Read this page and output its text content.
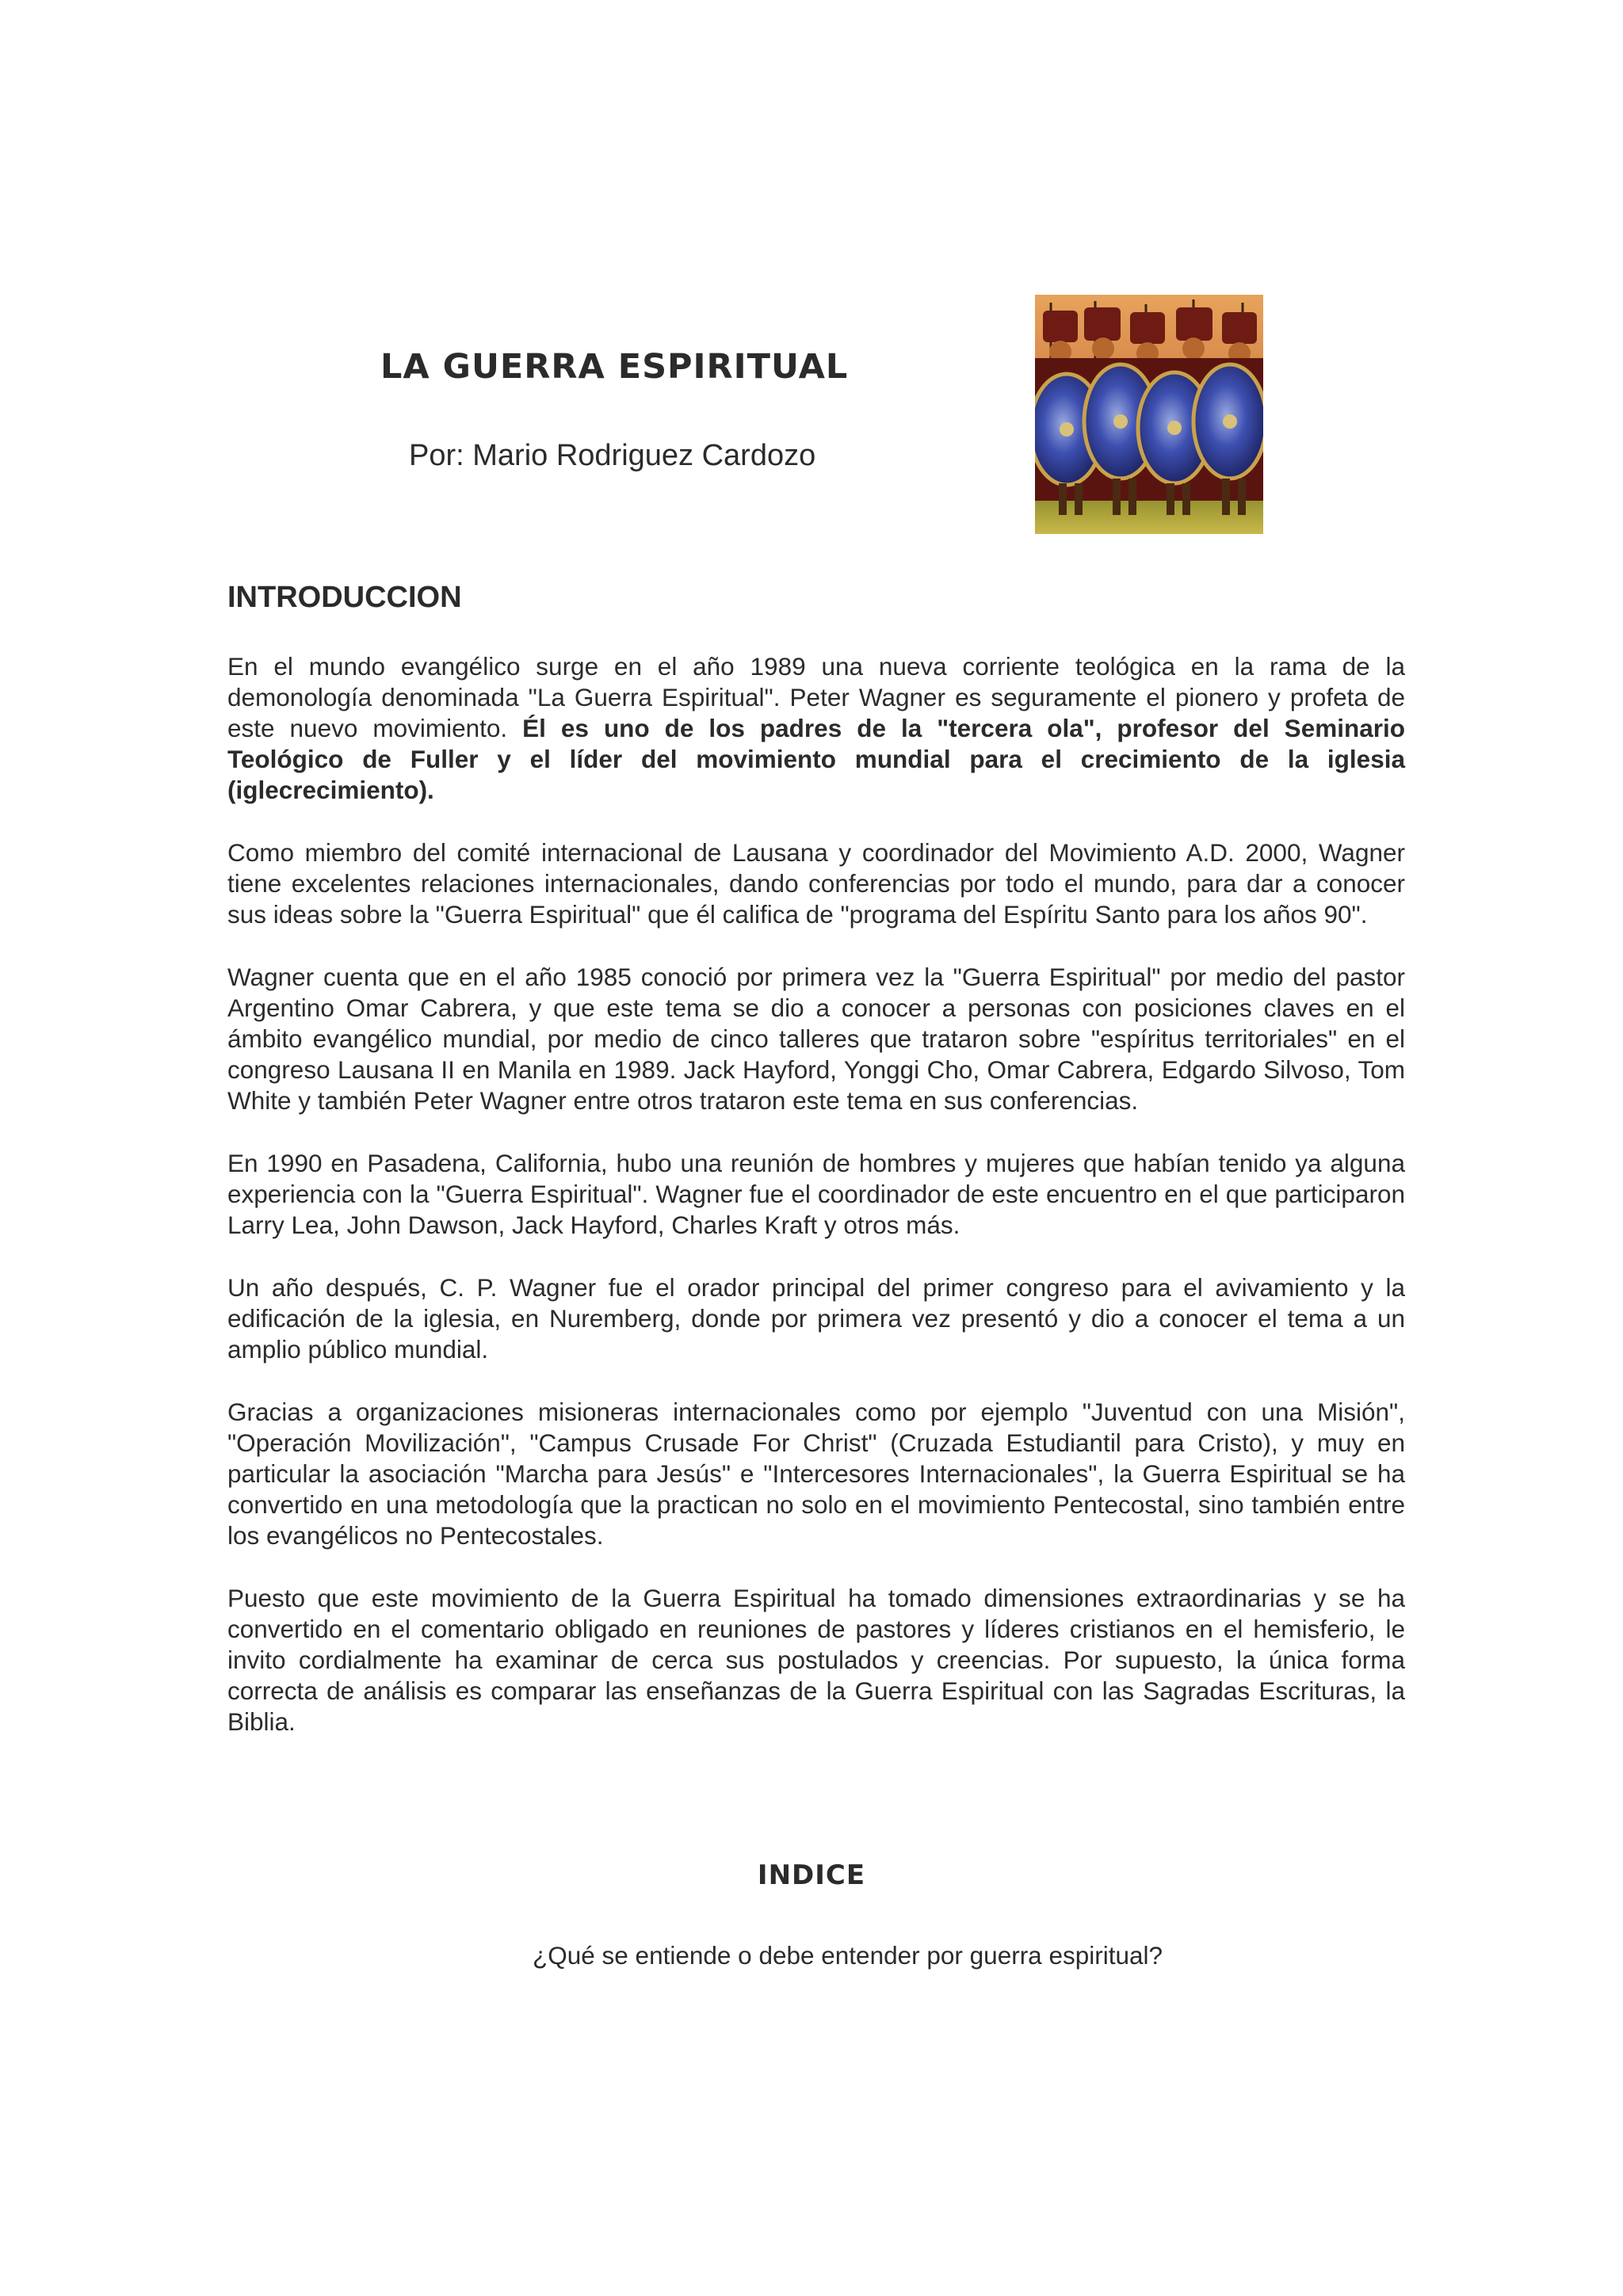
LA GUERRA ESPIRITUAL
Por: Mario Rodriguez Cardozo
INTRODUCCION

En el mundo evangélico surge en el año 1989 una nueva corriente teológica en la rama de la demonología denominada "La Guerra Espiritual". Peter Wagner es seguramente el pionero y profeta de este nuevo movimiento. Él es uno de los padres de la "tercera ola", profesor del Seminario Teológico de Fuller y el líder del movimiento mundial para el crecimiento de la iglesia (iglecrecimiento).

Como miembro del comité internacional de Lausana y coordinador del Movimiento A.D. 2000, Wagner tiene excelentes relaciones internacionales, dando conferencias por todo el mundo, para dar a conocer sus ideas sobre la "Guerra Espiritual" que él califica de "programa del Espíritu Santo para los años 90".

Wagner cuenta que en el año 1985 conoció por primera vez la "Guerra Espiritual" por medio del pastor Argentino Omar Cabrera, y que este tema se dio a conocer a personas con posiciones claves en el ámbito evangélico mundial, por medio de cinco talleres que trataron sobre "espíritus territoriales" en el congreso Lausana II en Manila en 1989. Jack Hayford, Yonggi Cho, Omar Cabrera, Edgardo Silvoso, Tom White y también Peter Wagner entre otros trataron este tema en sus conferencias.

En 1990 en Pasadena, California, hubo una reunión de hombres y mujeres que habían tenido ya alguna experiencia con la "Guerra Espiritual". Wagner fue el coordinador de este encuentro en el que participaron Larry Lea, John Dawson, Jack Hayford, Charles Kraft y otros más.

Un año después, C. P. Wagner fue el orador principal del primer congreso para el avivamiento y la edificación de la iglesia, en Nuremberg, donde por primera vez presentó y dio a conocer el tema a un amplio público mundial.

Gracias a organizaciones misioneras internacionales como por ejemplo "Juventud con una Misión", "Operación Movilización", "Campus Crusade For Christ" (Cruzada Estudiantil para Cristo), y muy en particular la asociación "Marcha para Jesús" e "Intercesores Internacionales", la Guerra Espiritual se ha convertido en una metodología que la practican no solo en el movimiento Pentecostal, sino también entre los evangélicos no Pentecostales.

Puesto que este movimiento de la Guerra Espiritual ha tomado dimensiones extraordinarias y se ha convertido en el comentario obligado en reuniones de pastores y líderes cristianos en el hemisferio, le invito cordialmente ha examinar de cerca sus postulados y creencias. Por supuesto, la única forma correcta de análisis es comparar las enseñanzas de la Guerra Espiritual con las Sagradas Escrituras, la Biblia.

INDICE
¿Qué se entiende o debe entender por guerra espiritual?
